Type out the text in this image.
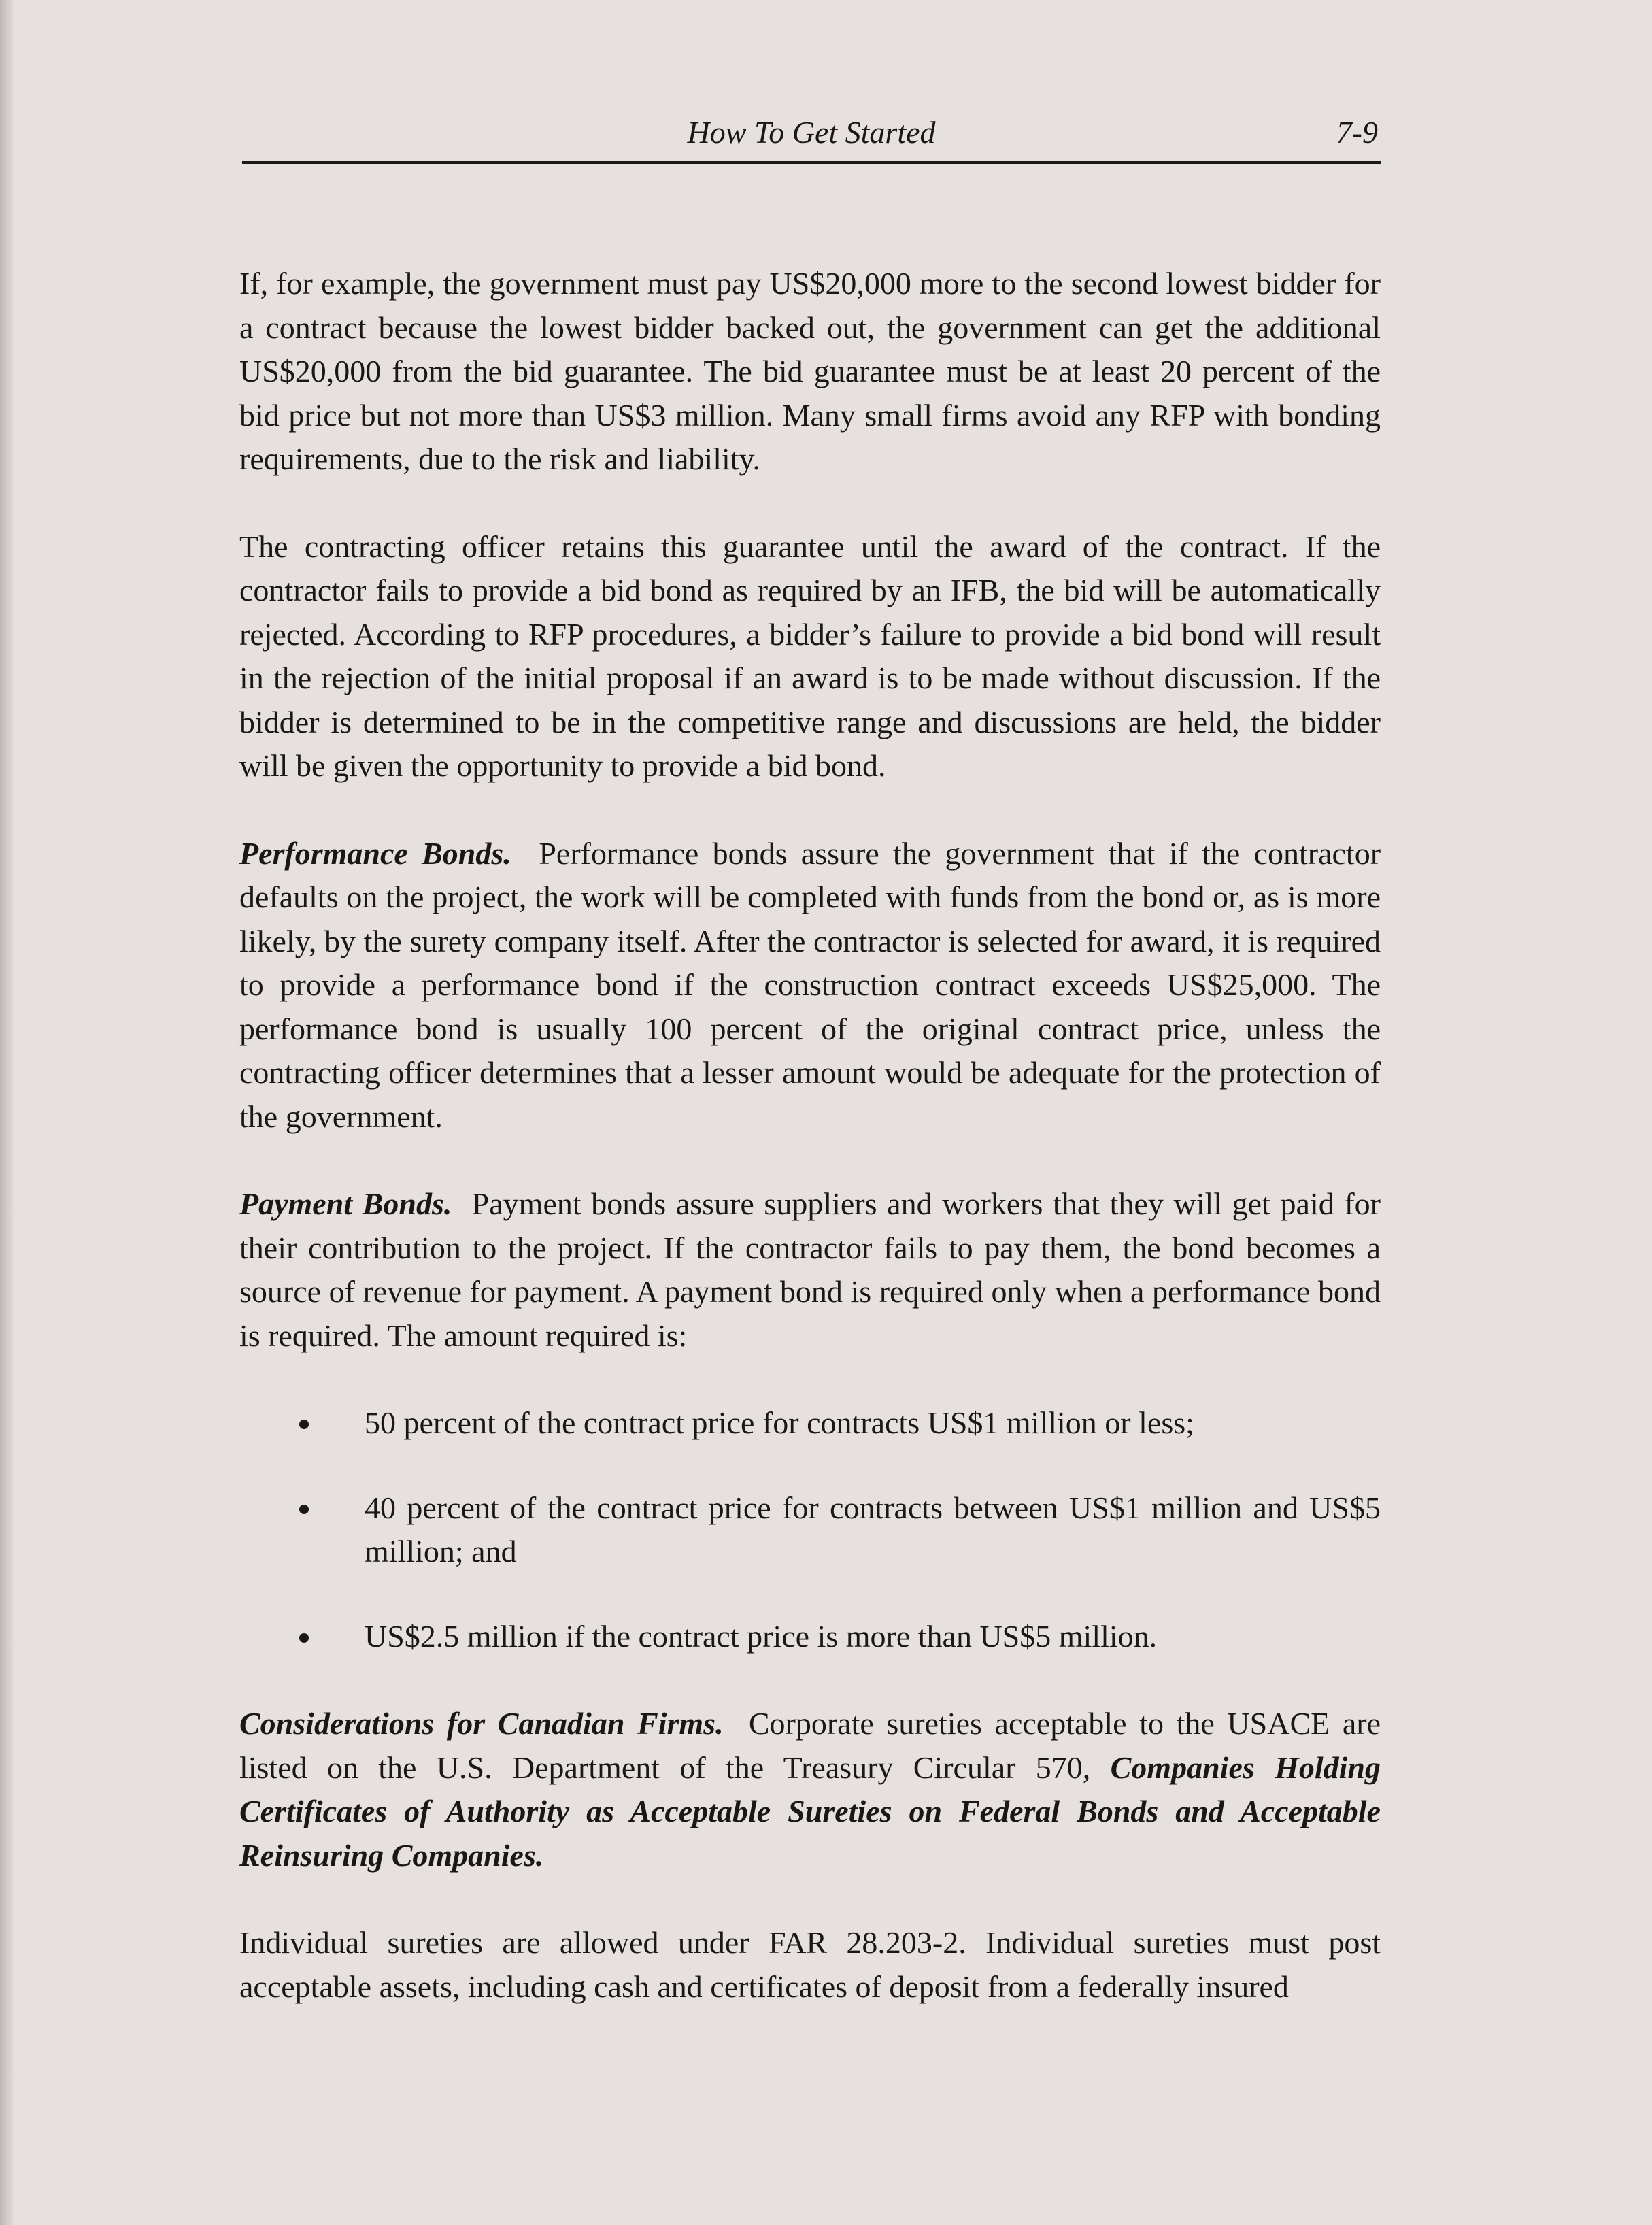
How To Get Started	7-9

If, for example, the government must pay US$20,000 more to the second lowest bidder for a contract because the lowest bidder backed out, the government can get the additional US$20,000 from the bid guarantee. The bid guarantee must be at least 20 percent of the bid price but not more than US$3 million. Many small firms avoid any RFP with bonding requirements, due to the risk and liability.

The contracting officer retains this guarantee until the award of the contract. If the contractor fails to provide a bid bond as required by an IFB, the bid will be automatically rejected. According to RFP procedures, a bidder’s failure to provide a bid bond will result in the rejection of the initial proposal if an award is to be made without discussion. If the bidder is determined to be in the competitive range and discussions are held, the bidder will be given the opportunity to provide a bid bond.

Performance Bonds. Performance bonds assure the government that if the contractor defaults on the project, the work will be completed with funds from the bond or, as is more likely, by the surety company itself. After the contractor is selected for award, it is required to provide a performance bond if the construction contract exceeds US$25,000. The performance bond is usually 100 percent of the original contract price, unless the contracting officer determines that a lesser amount would be adequate for the protection of the government.

Payment Bonds. Payment bonds assure suppliers and workers that they will get paid for their contribution to the project. If the contractor fails to pay them, the bond becomes a source of revenue for payment. A payment bond is required only when a performance bond is required. The amount required is:

50 percent of the contract price for contracts US$1 million or less;
40 percent of the contract price for contracts between US$1 million and US$5 million; and
US$2.5 million if the contract price is more than US$5 million.

Considerations for Canadian Firms. Corporate sureties acceptable to the USACE are listed on the U.S. Department of the Treasury Circular 570, Companies Holding Certificates of Authority as Acceptable Sureties on Federal Bonds and Acceptable Reinsuring Companies.

Individual sureties are allowed under FAR 28.203-2. Individual sureties must post acceptable assets, including cash and certificates of deposit from a federally insured
